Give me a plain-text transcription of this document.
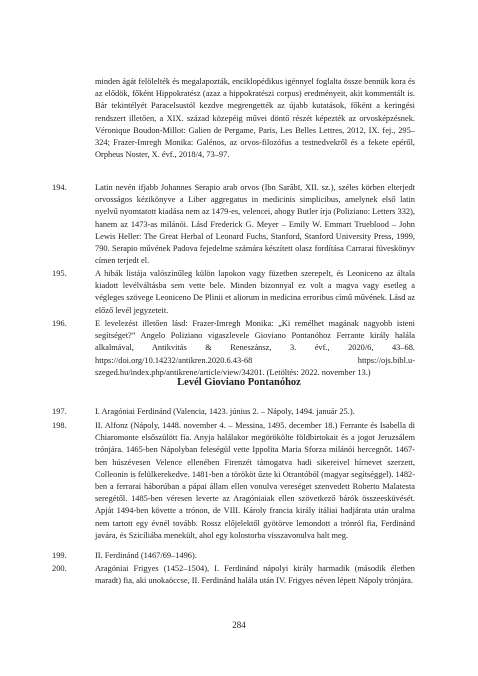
minden ágát felölelték és megalapozták, enciklopédikus igénnyel foglalta össze bennük kora és az elődök, főként Hippokratész (azaz a hippokratészi corpus) eredményeit, akit kommentált is. Bár tekintélyét Paracelsustól kezdve megrengették az újabb kutatások, főként a keringési rendszert illetően, a XIX. század közepéig művei döntő részét képezték az orvosképzésnek. Véronique Boudon-Millot: Galien de Pergame, Paris, Les Belles Lettres, 2012, IX. fej., 295–324; Frazer-Imregh Monika: Galénos, az orvos-filozófus a testnedvekről és a fekete epéről, Orpheus Noster, X. évf., 2018/4, 73–97.
194.	Latin nevén ifjabb Johannes Serapio arab orvos (Ibn Sarābī, XII. sz.), széles körben elterjedt orvosságos kézikönyve a Liber aggregatus in medicinis simplicibus, amelynek első latin nyelvű nyomtatott kiadása nem az 1479-es, velencei, ahogy Butler írja (Poliziano: Letters 332), hanem az 1473-as milánói. Lásd Frederick G. Meyer – Emily W. Emmart Trueblood – John Lewis Heller: The Great Herbal of Leonard Fuchs, Stanford, Stanford University Press, 1999, 790. Serapio művének Padova fejedelme számára készített olasz fordítása Carrarai füveskönyv címen terjedt el.
195.	A hibák listája valószínűleg külön lapokon vagy füzetben szerepelt, és Leoniceno az általa kiadott levélváltásba sem vette bele. Minden bizonnyal ez volt a magva vagy esetleg a végleges szövege Leoniceno De Plinii et aliorum in medicina erroribus című művének. Lásd az előző levél jegyzeteit.
196.	E levelezést illetően lásd: Frazer-Imregh Monika: „Ki remélhet magának nagyobb isteni segítséget?” Angelo Poliziano vigaszlevele Gioviano Pontanóhoz Ferrante király halála alkalmával, Antikvitás & Reneszánsz, 3. évf., 2020/6, 43–68. https://doi.org/10.14232/antikren.2020.6.43-68 https://ojs.bibl.u-szeged.hu/index.php/antikrene/article/view/34201. (Letöltés: 2022. november 13.)
Levél Gioviano Pontanóhoz
197.	I. Aragóniai Ferdinánd (Valencia, 1423. június 2. – Nápoly, 1494. január 25.).
198.	II. Alfonz (Nápoly, 1448. november 4. – Messina, 1495. december 18.) Ferrante és Isabella di Chiaromonte elsőszülött fia. Anyja halálakor megörökölte földbirtokait és a jogot Jeruzsálem trónjára. 1465-ben Nápolyban feleségül vette Ippolita Maria Sforza milánói hercegnőt. 1467-ben húszévesen Velence ellenében Firenzét támogatva hadi sikereivel hírnevet szerzett, Colleonin is felülkerekedve. 1481-ben a törököt űzte ki Otrantóból (magyar segítséggel). 1482-ben a ferrarai háborúban a pápai állam ellen vonulva vereséget szenvedett Roberto Malatesta seregétől. 1485-ben véresen leverte az Aragóniaiak ellen szövetkező bárók összeesküvését. Apját 1494-ben követte a trónon, de VIII. Károly francia király itáliai hadjárata után uralma nem tartott egy évnél tovább. Rossz előjelektől gyötörve lemondott a trónról fia, Ferdinánd javára, és Szicíliába menekült, ahol egy kolostorba visszavonulva halt meg.
199.	II. Ferdinánd (1467/69–1496).
200.	Aragóniai Frigyes (1452–1504), I. Ferdinánd nápolyi király harmadik (második életben maradt) fia, aki unokaöccse, II. Ferdinánd halála után IV. Frigyes néven lépett Nápoly trónjára.
284
